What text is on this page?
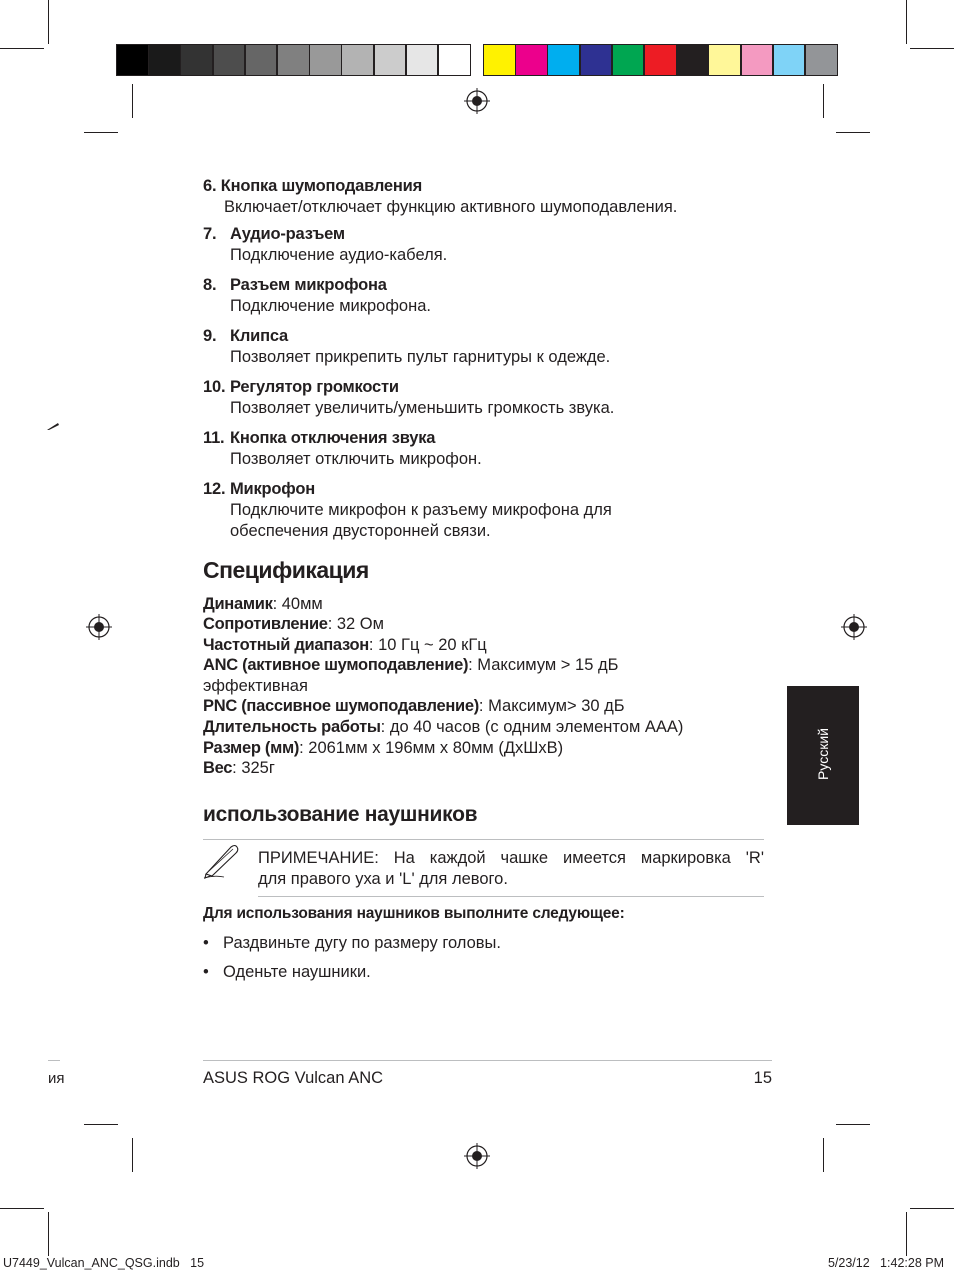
6. Кнопка шумоподавления
Включает/отключает функцию активного шумоподавления.
7. Аудио-разъем
Подключение аудио-кабеля.
8. Разъем микрофона
Подключение микрофона.
9. Клипса
Позволяет прикрепить пульт гарнитуры к одежде.
10. Регулятор громкости
Позволяет увеличить/уменьшить громкость звука.
11. Кнопка отключения звука
Позволяет отключить микрофон.
12. Микрофон
Подключите микрофон к разъему микрофона для
обеспечения двусторонней связи.
Спецификация
Динамик: 40мм
Сопротивление: 32 Ом
Частотный диапазон: 10 Гц ~ 20 кГц
ANC (активное шумоподавление): Максимум > 15 дБ
эффективная
PNC (пассивное шумоподавление): Максимум> 30 дБ
Длительность работы: до 40 часов (с одним элементом AAA)
Размер (мм): 2061мм x 196мм x 80мм (ДхШхВ)
Вес: 325г
использование наушников
ПРИМЕЧАНИЕ : На каждой чашке имеется маркировка 'R'
для правого уха и 'L' для левого.
Для использования наушников выполните следующее:
• Раздвиньте дугу по размеру головы.
• Оденьте наушники.
Русский
ия	ASUS ROG Vulcan ANC	15
U7449_Vulcan_ANC_QSG.indb   15	5/23/12   1:42:28 PM
